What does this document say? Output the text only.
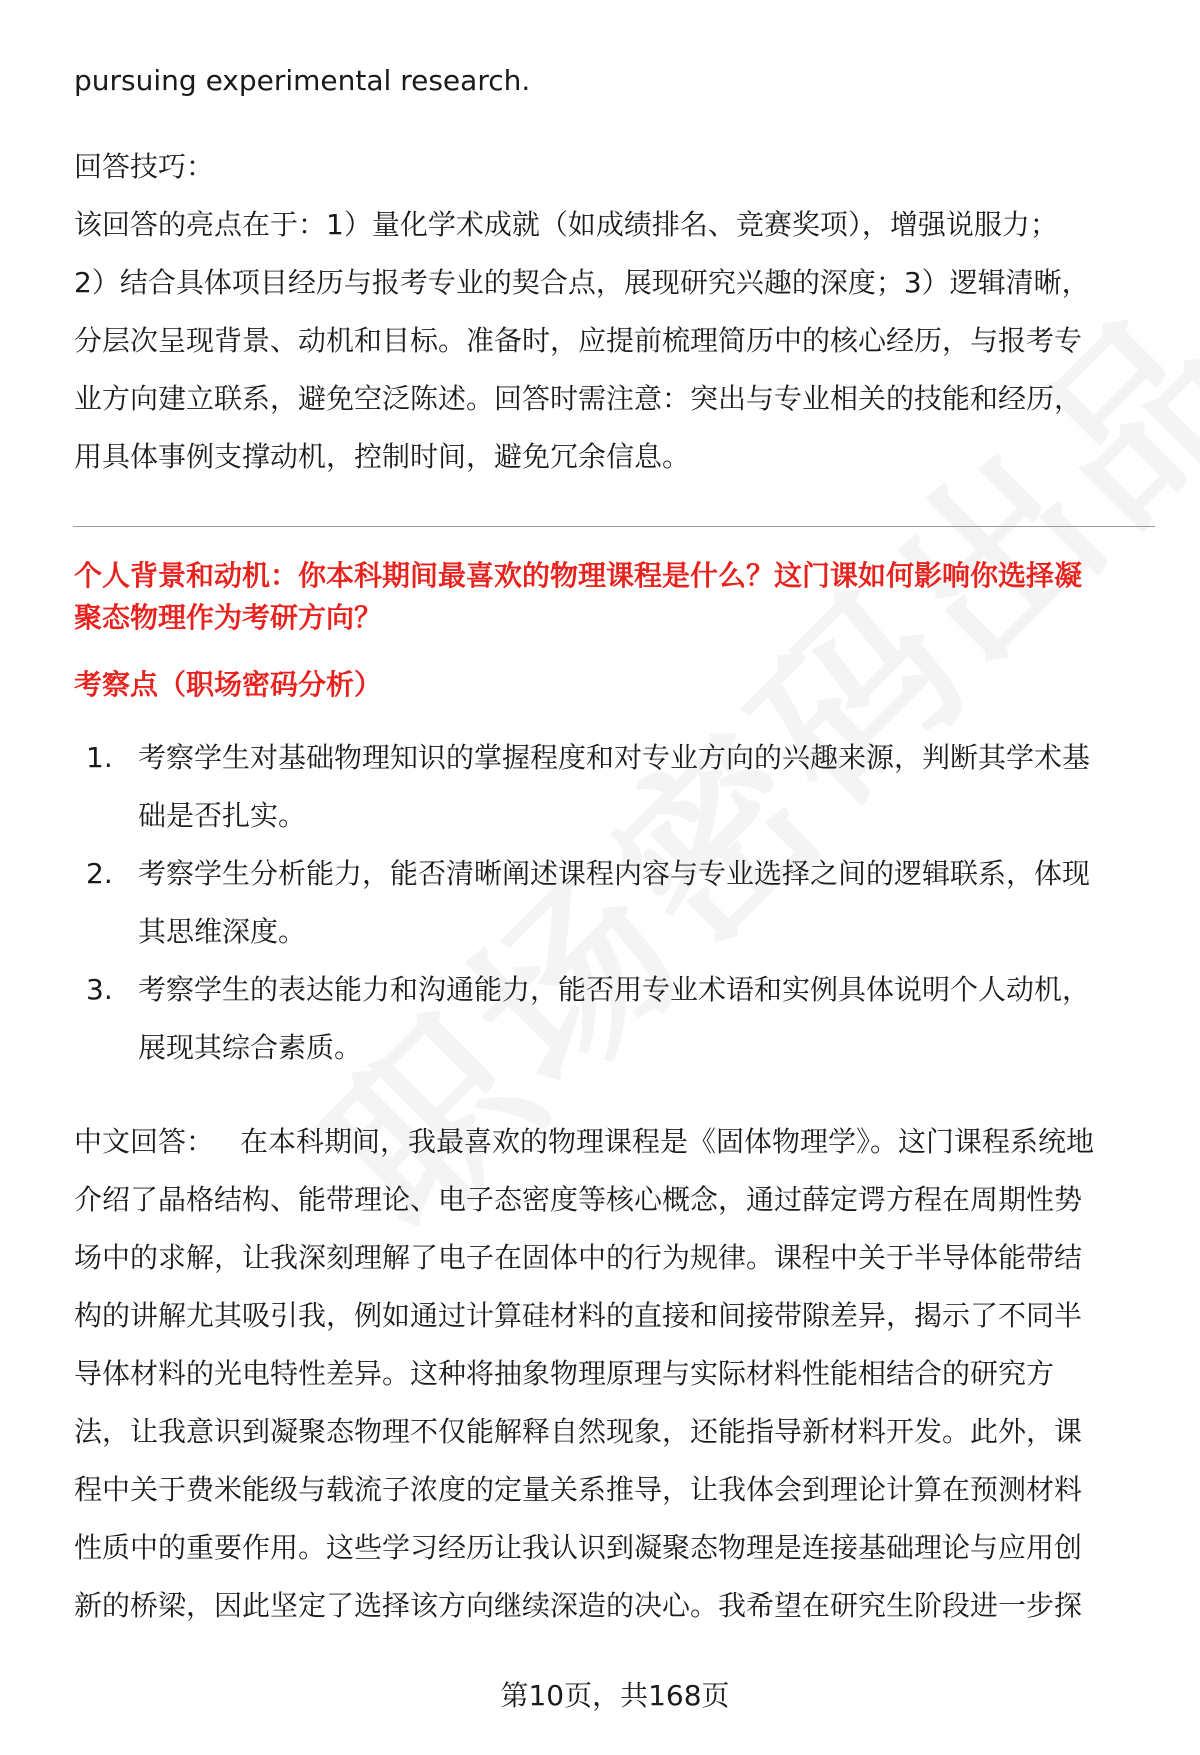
pursuing experimental research.
回答技巧：
该回答的亮点在于：1）量化学术成就（如成绩排名、竞赛奖项），增强说服力；
2）结合具体项目经历与报考专业的契合点，展现研究兴趣的深度；3）逻辑清晰，
分层次呈现背景、动机和目标。准备时，应提前梳理简历中的核心经历，与报考专
业方向建立联系，避免空泛陈述。回答时需注意：突出与专业相关的技能和经历，
用具体事例支撑动机，控制时间，避免冗余信息。
个人背景和动机：你本科期间最喜欢的物理课程是什么？这门课如何影响你选择凝
聚态物理作为考研方向？
考察点（职场密码分析）
1. 考察学生对基础物理知识的掌握程度和对专业方向的兴趣来源，判断其学术基
础是否扎实。
2. 考察学生分析能力，能否清晰阐述课程内容与专业选择之间的逻辑联系，体现
其思维深度。
3. 考察学生的表达能力和沟通能力，能否用专业术语和实例具体说明个人动机，
展现其综合素质。
中文回答： 在本科期间，我最喜欢的物理课程是《固体物理学》。这门课程系统地
介绍了晶格结构、能带理论、电子态密度等核心概念，通过薛定谔方程在周期性势
场中的求解，让我深刻理解了电子在固体中的行为规律。课程中关于半导体能带结
构的讲解尤其吸引我，例如通过计算硅材料的直接和间接带隙差异，揭示了不同半
导体材料的光电特性差异。这种将抽象物理原理与实际材料性能相结合的研究方
法，让我意识到凝聚态物理不仅能解释自然现象，还能指导新材料开发。此外，课
程中关于费米能级与载流子浓度的定量关系推导，让我体会到理论计算在预测材料
性质中的重要作用。这些学习经历让我认识到凝聚态物理是连接基础理论与应用创
新的桥梁，因此坚定了选择该方向继续深造的决心。我希望在研究生阶段进一步探
第10页，共168页
